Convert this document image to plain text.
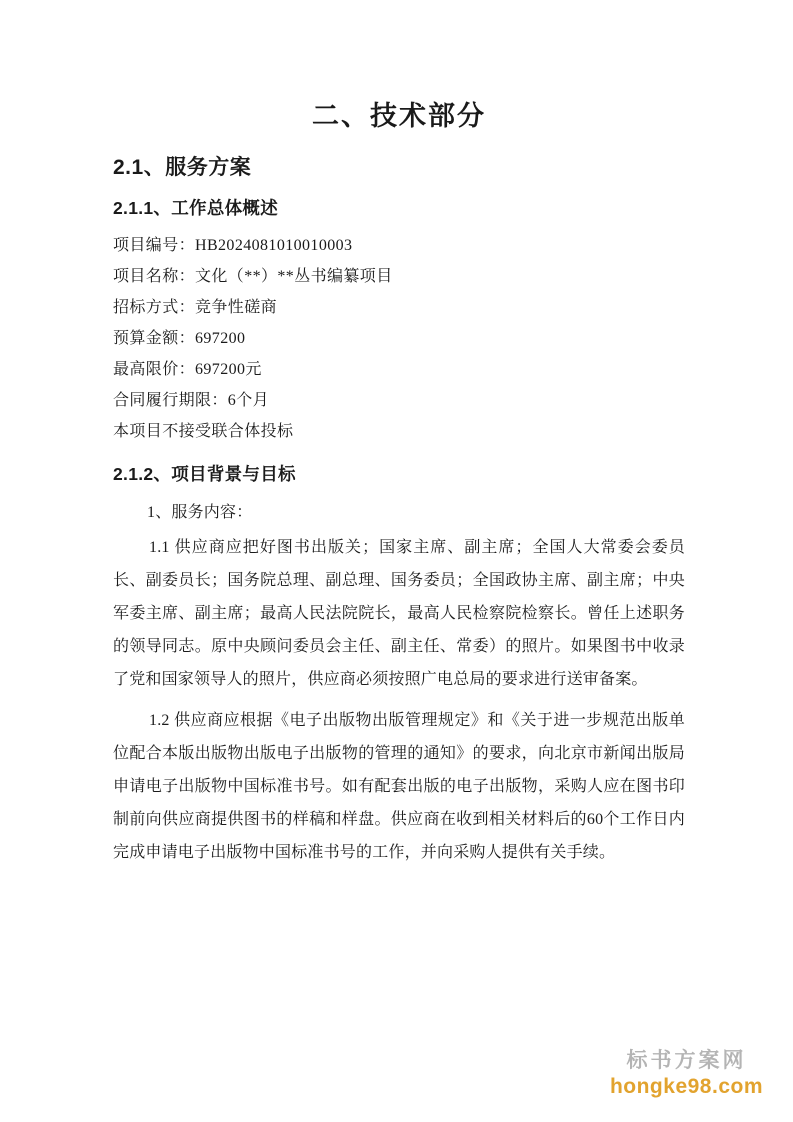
二、技术部分
2.1、服务方案
2.1.1、工作总体概述

项目编号：HB2024081010010003

项目名称：文化（**）**丛书编纂项目

招标方式：竞争性磋商

预算金额：697200

最高限价：697200元

合同履行期限：6个月

本项目不接受联合体投标

2.1.2、项目背景与目标

1、服务内容：

1.1 供应商应把好图书出版关；国家主席、副主席；全国人大常委会委员长、副委员长；国务院总理、副总理、国务委员；全国政协主席、副主席；中央军委主席、副主席；最高人民法院院长，最高人民检察院检察长。曾任上述职务的领导同志。原中央顾问委员会主任、副主任、常委）的照片。如果图书中收录了党和国家领导人的照片，供应商必须按照广电总局的要求进行送审备案。

1.2 供应商应根据《电子出版物出版管理规定》和《关于进一步规范出版单位配合本版出版物出版电子出版物的管理的通知》的要求，向北京市新闻出版局申请电子出版物中国标准书号。如有配套出版的电子出版物，采购人应在图书印制前向供应商提供图书的样稿和样盘。供应商在收到相关材料后的60个工作日内完成申请电子出版物中国标准书号的工作，并向采购人提供有关手续。

标书方案网
hongke98.com
